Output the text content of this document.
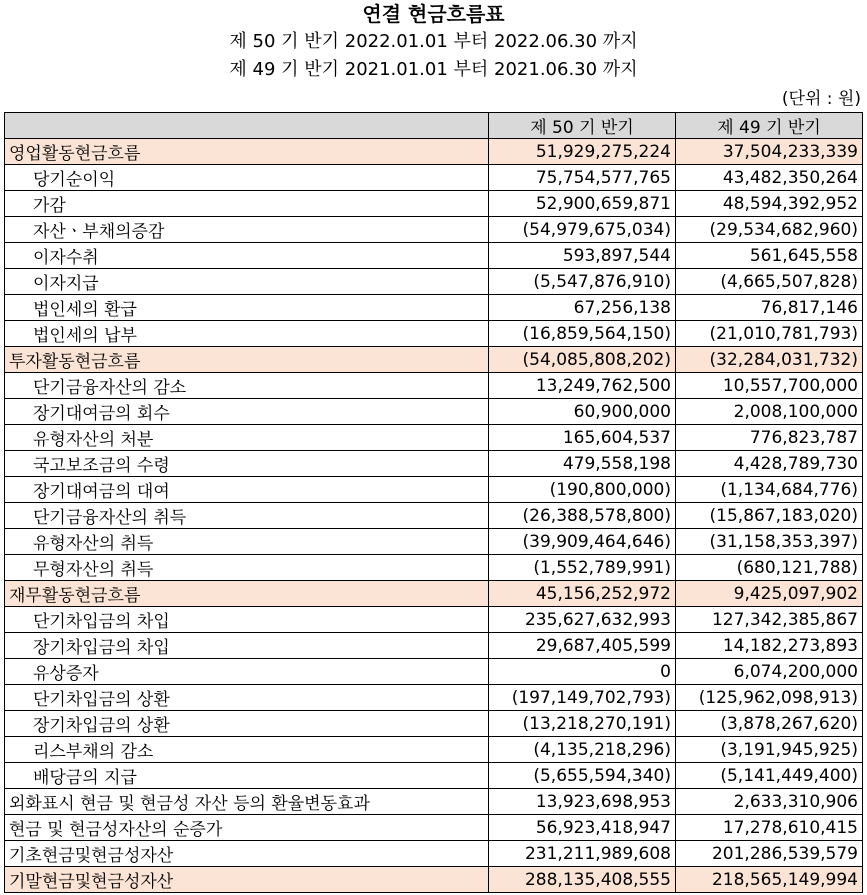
연결 현금흐름표
제 50 기 반기 2022.01.01 부터 2022.06.30 까지
제 49 기 반기 2021.01.01 부터 2021.06.30 까지
(단위 : 원)
	제 50 기 반기	제 49 기 반기
영업활동현금흐름	51,929,275,224	37,504,233,339
당기순이익	75,754,577,765	43,482,350,264
가감	52,900,659,871	48,594,392,952
자산ㆍ부채의증감	(54,979,675,034)	(29,534,682,960)
이자수취	593,897,544	561,645,558
이자지급	(5,547,876,910)	(4,665,507,828)
법인세의 환급	67,256,138	76,817,146
법인세의 납부	(16,859,564,150)	(21,010,781,793)
투자활동현금흐름	(54,085,808,202)	(32,284,031,732)
단기금융자산의 감소	13,249,762,500	10,557,700,000
장기대여금의 회수	60,900,000	2,008,100,000
유형자산의 처분	165,604,537	776,823,787
국고보조금의 수령	479,558,198	4,428,789,730
장기대여금의 대여	(190,800,000)	(1,134,684,776)
단기금융자산의 취득	(26,388,578,800)	(15,867,183,020)
유형자산의 취득	(39,909,464,646)	(31,158,353,397)
무형자산의 취득	(1,552,789,991)	(680,121,788)
재무활동현금흐름	45,156,252,972	9,425,097,902
단기차입금의 차입	235,627,632,993	127,342,385,867
장기차입금의 차입	29,687,405,599	14,182,273,893
유상증자	0	6,074,200,000
단기차입금의 상환	(197,149,702,793)	(125,962,098,913)
장기차입금의 상환	(13,218,270,191)	(3,878,267,620)
리스부채의 감소	(4,135,218,296)	(3,191,945,925)
배당금의 지급	(5,655,594,340)	(5,141,449,400)
외화표시 현금 및 현금성 자산 등의 환율변동효과	13,923,698,953	2,633,310,906
현금 및 현금성자산의 순증가	56,923,418,947	17,278,610,415
기초현금및현금성자산	231,211,989,608	201,286,539,579
기말현금및현금성자산	288,135,408,555	218,565,149,994
